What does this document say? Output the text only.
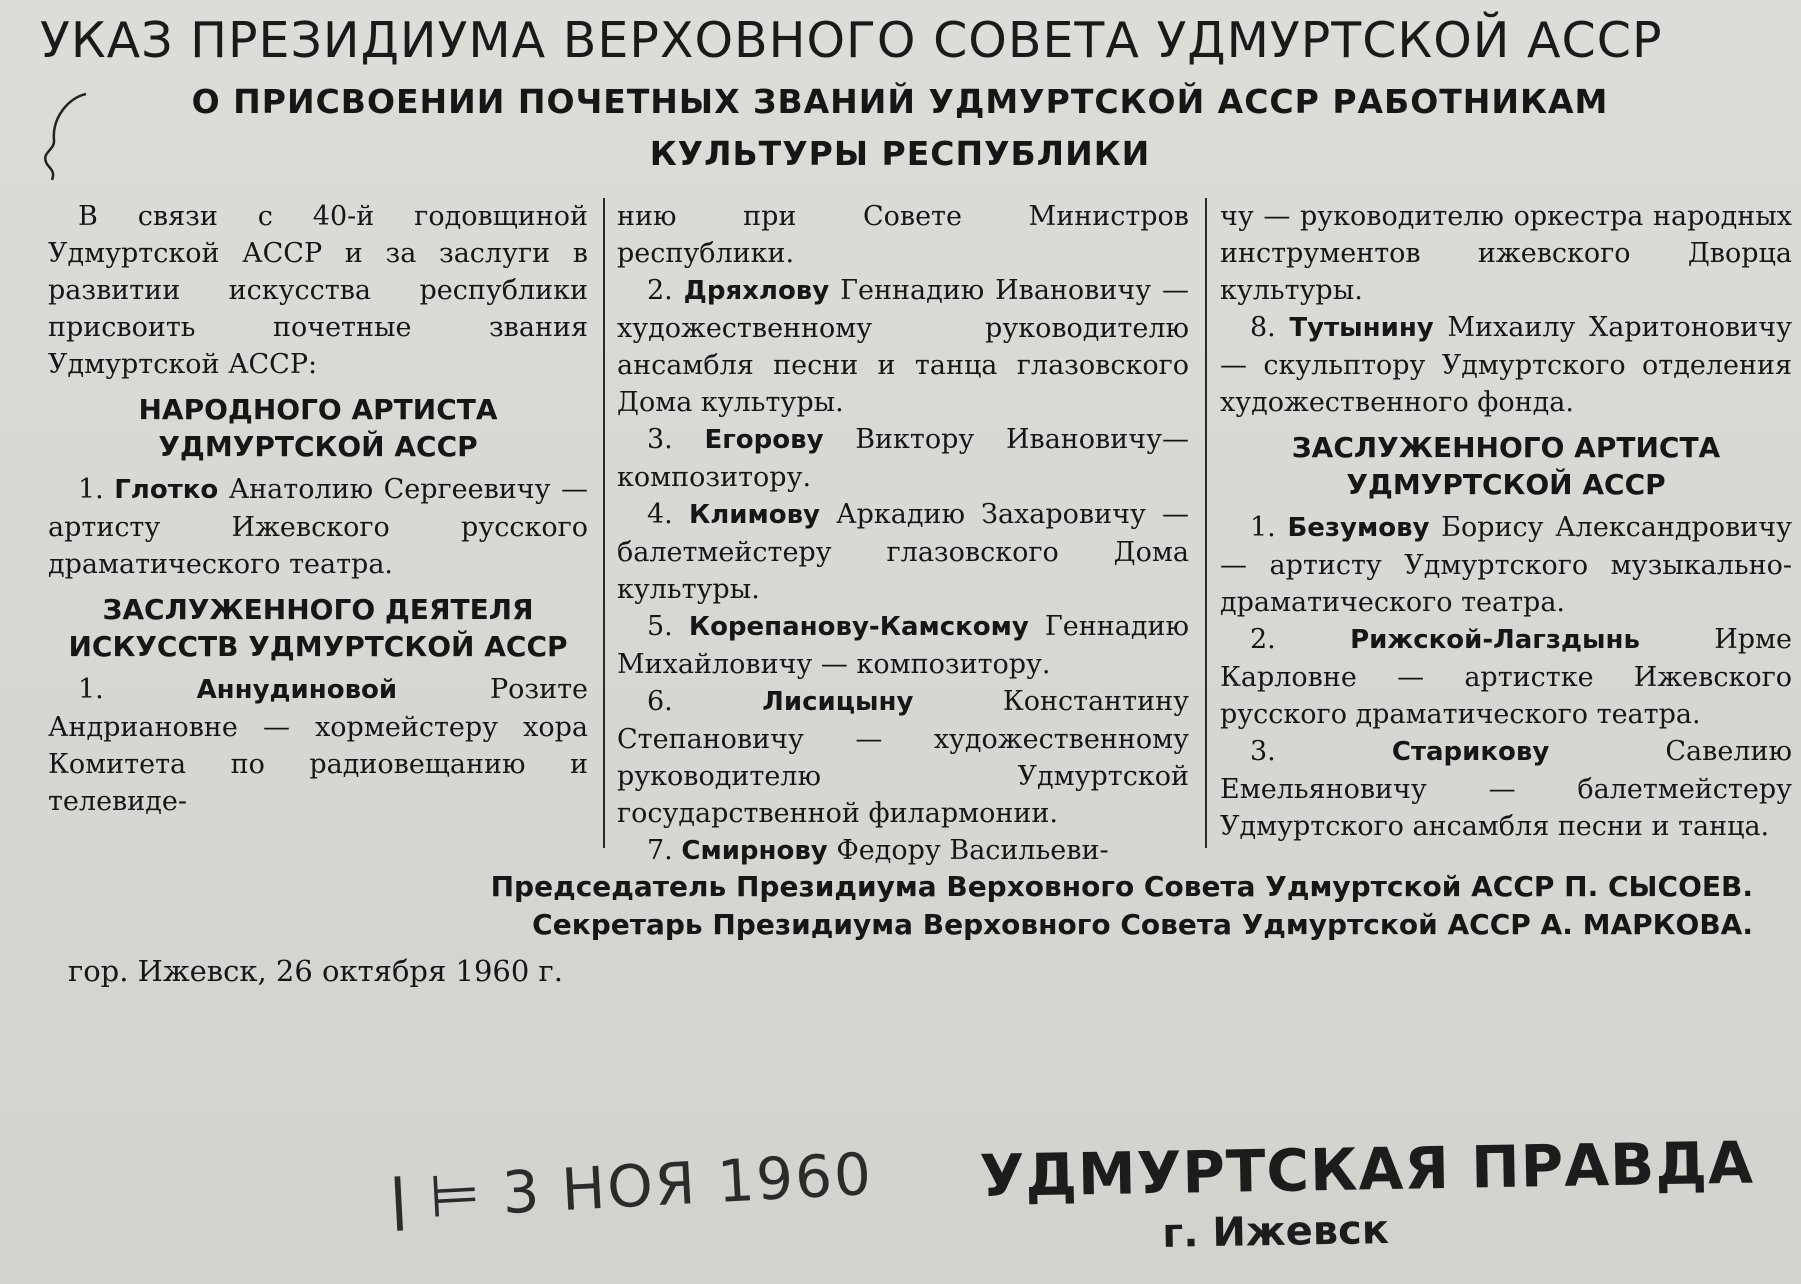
УКАЗ ПРЕЗИДИУМА ВЕРХОВНОГО СОВЕТА УДМУРТСКОЙ АССР
О ПРИСВОЕНИИ ПОЧЕТНЫХ ЗВАНИЙ УДМУРТСКОЙ АССР РАБОТНИКАМ
КУЛЬТУРЫ РЕСПУБЛИКИ

В связи с 40-й годовщиной Удмуртской АССР и за заслуги в развитии искусства республики присвоить почетные звания Удмуртской АССР:

НАРОДНОГО АРТИСТА УДМУРТСКОЙ АССР

1. Глотко Анатолию Сергеевичу — артисту Ижевского русского драматического театра.

ЗАСЛУЖЕННОГО ДЕЯТЕЛЯ ИСКУССТВ УДМУРТСКОЙ АССР

1.	Аннудиновой	Розите Андриановне — хормейстеру хора Комитета по радиовещанию и телевиде-

нию при Совете Министров республики.

2. Дряхлову Геннадию Ивановичу — художественному руководителю ансамбля песни и танца глазовского Дома культуры.

3. Егорову Виктору Ивановичу— композитору.

4. Климову Аркадию Захаровичу — балетмейстеру глазовского Дома культуры.

5. Корепанову-Камскому Геннадию Михайловичу — композитору.

6.	Лисицыну	Константину Степановичу — художественному руководителю Удмуртской государственной филармонии.

7. Смирнову Федору Васильеви-

чу — руководителю оркестра народных инструментов ижевского Дворца культуры.

8. Тутынину Михаилу Харитоновичу — скульптору Удмуртского отделения художественного фонда.

ЗАСЛУЖЕННОГО АРТИСТА УДМУРТСКОЙ АССР

1. Безумову Борису Александровичу — артисту Удмуртского музыкально-драматического театра.

2.	Рижской-Лагздынь	Ирме Карловне — артистке Ижевского русского драматического театра.

3.	Старикову	Савелию Емельяновичу — балетмейстеру Удмуртского ансамбля песни и танца.

Председатель Президиума Верховного Совета Удмуртской АССР П. СЫСОЕВ.
Секретарь Президиума Верховного Совета Удмуртской АССР А. МАРКОВА.
гор. Ижевск, 26 октября 1960 г.
ǀ ⊨ 3 НОЯ 1960 УДМУРТСКАЯ ПРАВДА
г. Ижевск
